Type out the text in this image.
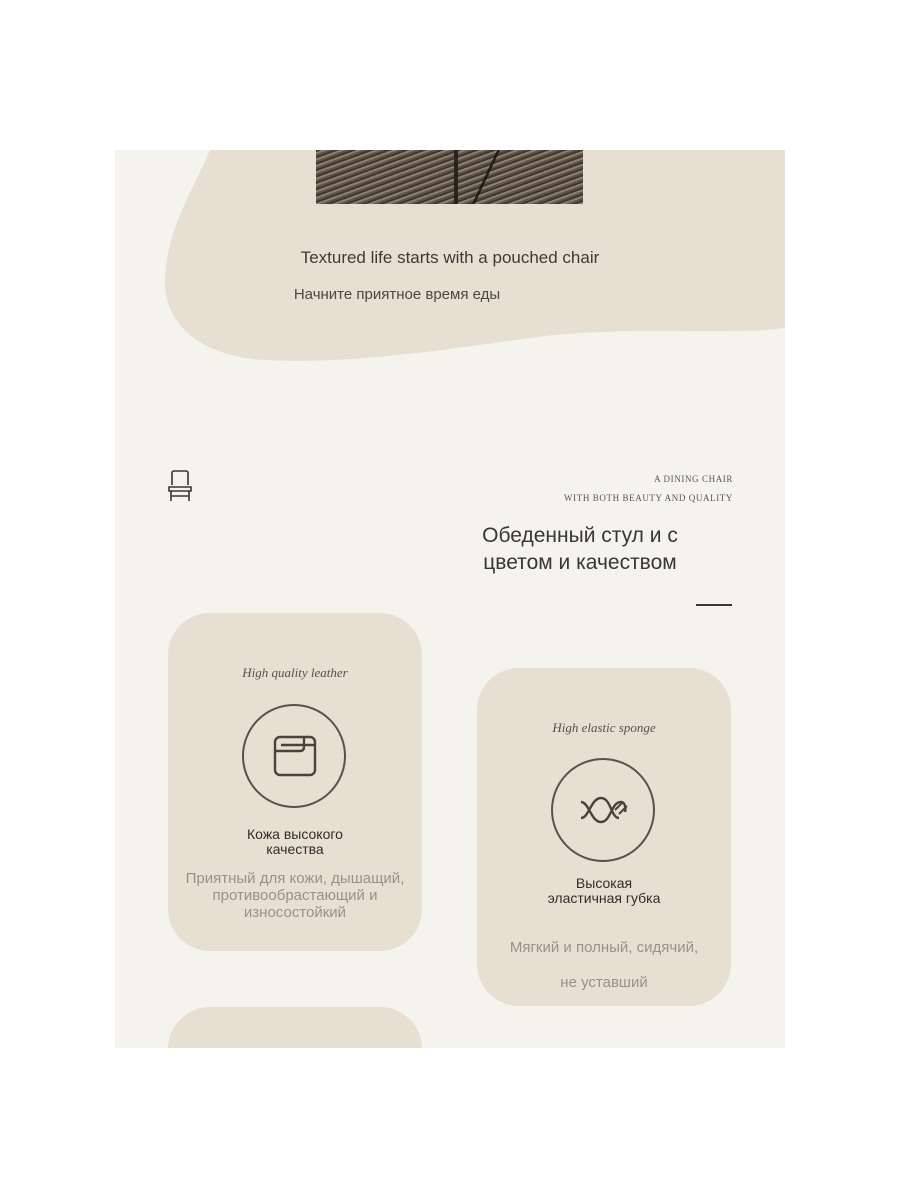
Textured life starts with a pouched chair
Начните приятное время еды
A DINING CHAIR
WITH BOTH BEAUTY AND QUALITY
Обеденный стул и с
цветом и качеством
High quality leather
Кожа высокого
качества
Приятный для кожи, дышащий,
противообрастающий и
износостойкий
High elastic sponge
Высокая
эластичная губка
Мягкий и полный, сидячий,
не уставший
